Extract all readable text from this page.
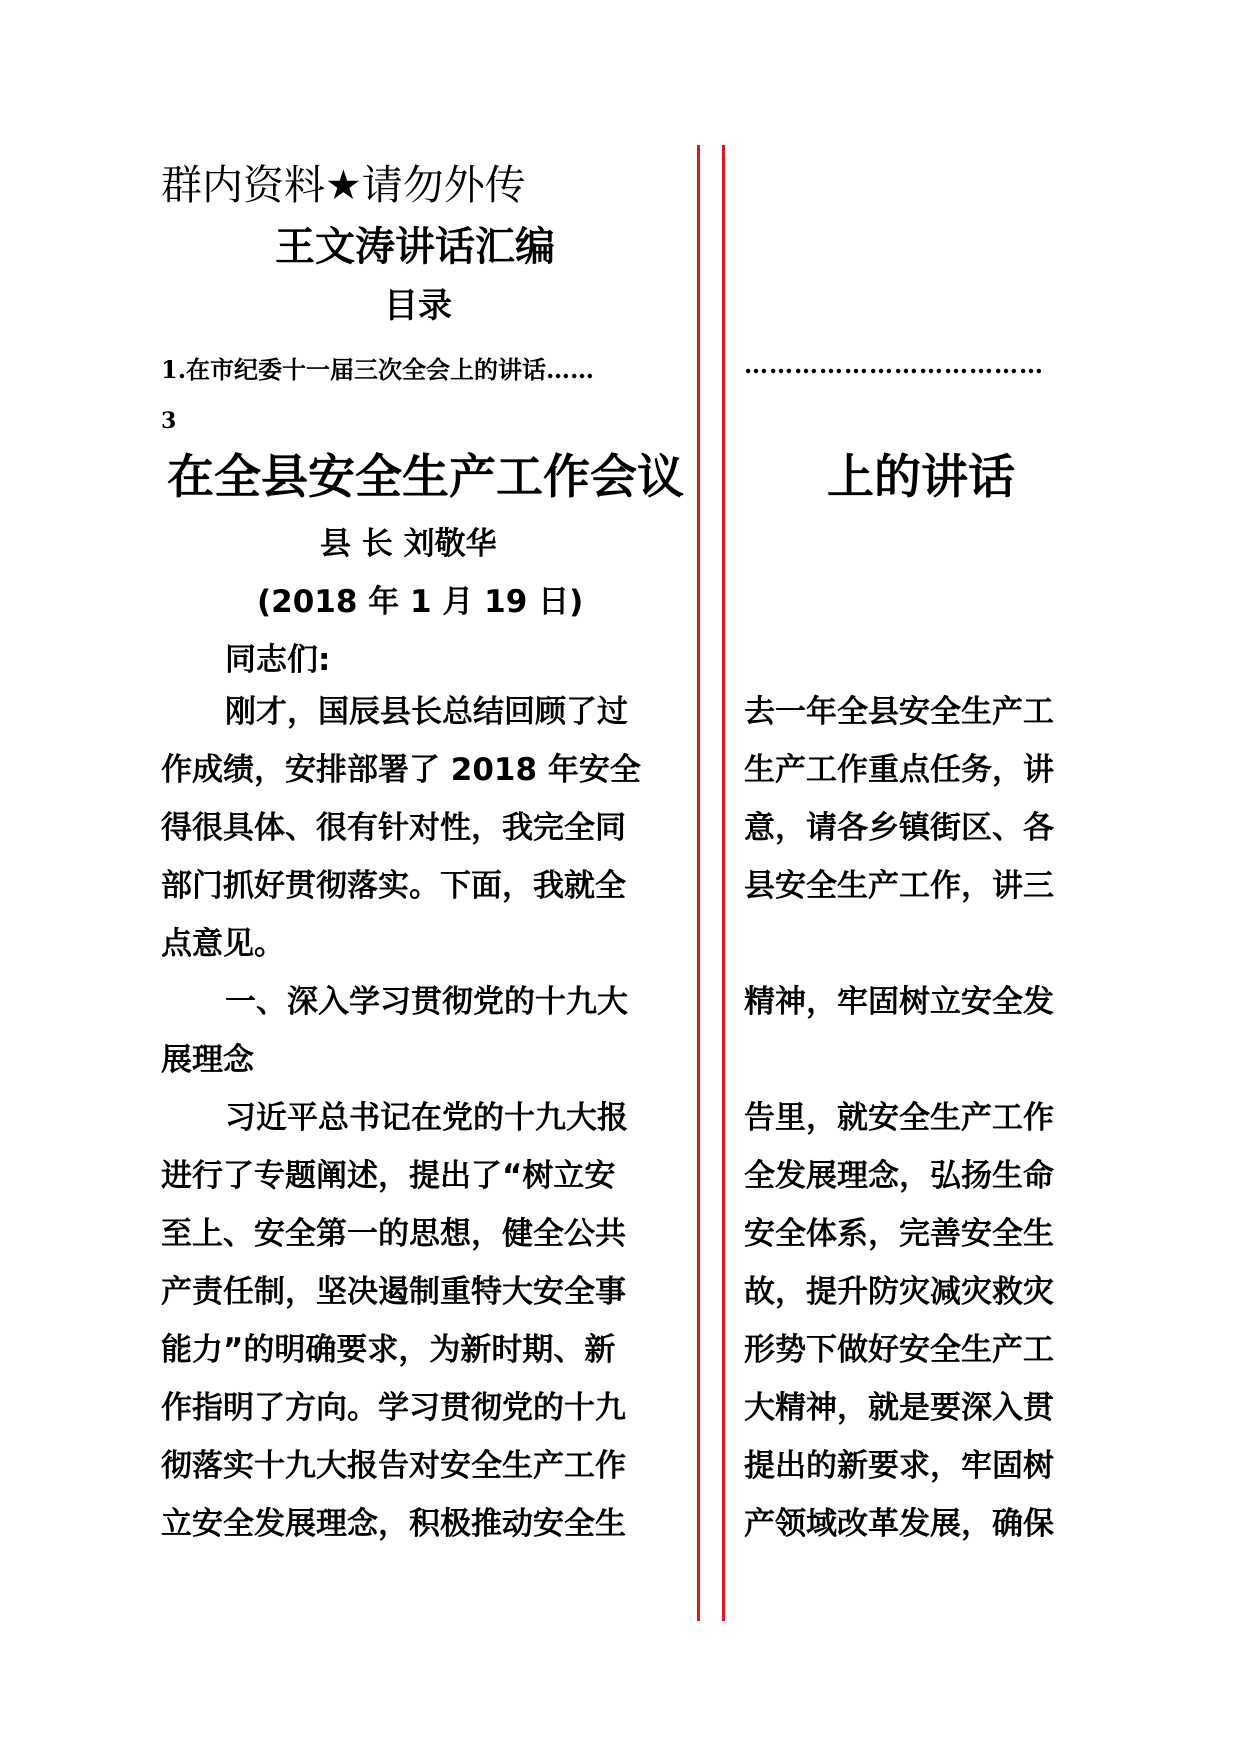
群内资料★请勿外传
王文涛讲话汇编
目录
1.在市纪委十一届三次全会上的讲话……	………………………………
3
在全县安全生产工作会议	上的讲话
县 长 刘敬华
(2018 年 1 月 19 日)
同志们:
刚才，国辰县长总结回顾了过
作成绩，安排部署了 2018 年安全
得很具体、很有针对性，我完全同
部门抓好贯彻落实。下面，我就全
点意见。
一、深入学习贯彻党的十九大
展理念
习近平总书记在党的十九大报
进行了专题阐述，提出了“树立安
至上、安全第一的思想，健全公共
产责任制，坚决遏制重特大安全事
能力”的明确要求，为新时期、新
作指明了方向。学习贯彻党的十九
彻落实十九大报告对安全生产工作
立安全发展理念，积极推动安全生
去一年全县安全生产工
生产工作重点任务，讲
意，请各乡镇街区、各
县安全生产工作，讲三
精神，牢固树立安全发
告里，就安全生产工作
全发展理念，弘扬生命
安全体系，完善安全生
故，提升防灾减灾救灾
形势下做好安全生产工
大精神，就是要深入贯
提出的新要求，牢固树
产领域改革发展，确保
